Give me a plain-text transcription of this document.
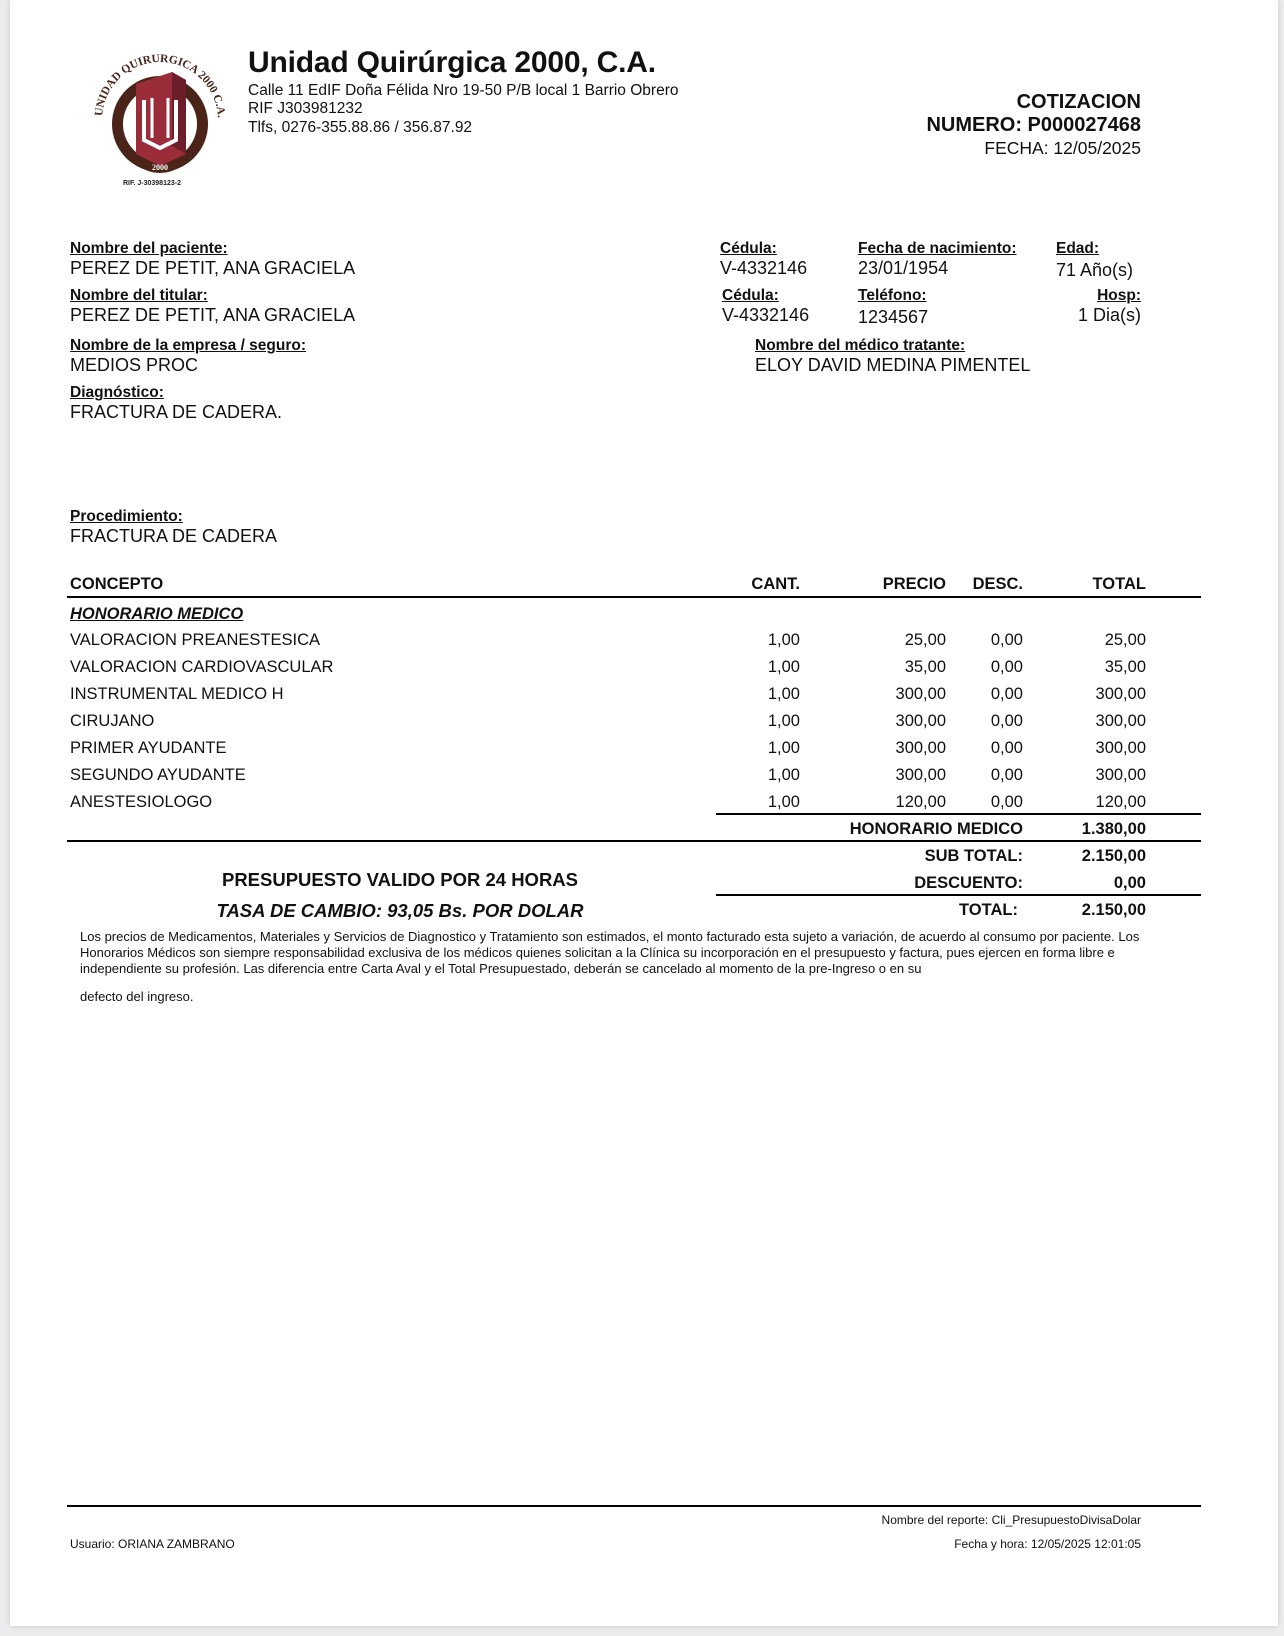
UNIDAD QUIRURGICA 2000 C.A.
2000
RIF. J-30398123-2
Unidad Quirúrgica 2000, C.A.
Calle 11 EdIF Doña Félida Nro 19-50 P/B local 1 Barrio Obrero
RIF J303981232
Tlfs, 0276-355.88.86 / 356.87.92
COTIZACION
NUMERO: P000027468
FECHA: 12/05/2025
Nombre del paciente:
PEREZ DE PETIT, ANA GRACIELA
Cédula:
V-4332146
Fecha de nacimiento:
23/01/1954
Edad:
71 Año(s)
Nombre del titular:
PEREZ DE PETIT, ANA GRACIELA
Cédula:
V-4332146
Teléfono:
1234567
Hosp:
1 Dia(s)
Nombre de la empresa / seguro:
MEDIOS PROC
Nombre del médico tratante:
ELOY DAVID MEDINA PIMENTEL
Diagnóstico:
FRACTURA DE CADERA.
Procedimiento:
FRACTURA DE CADERA
CONCEPTO	CANT.	PRECIO DESC.	TOTAL
HONORARIO MEDICO
VALORACION PREANESTESICA	1,00	25,00	0,00	25,00
VALORACION CARDIOVASCULAR	1,00	35,00	0,00	35,00
INSTRUMENTAL MEDICO H	1,00	300,00	0,00	300,00
CIRUJANO	1,00	300,00	0,00	300,00
PRIMER AYUDANTE	1,00	300,00	0,00	300,00
SEGUNDO AYUDANTE	1,00	300,00	0,00	300,00
ANESTESIOLOGO	1,00	120,00	0,00	120,00
HONORARIO MEDICO	1.380,00
SUB TOTAL:	2.150,00
DESCUENTO:	0,00
TOTAL:	2.150,00
PRESUPUESTO VALIDO POR 24 HORAS
TASA DE CAMBIO: 93,05 Bs. POR DOLAR
Los precios de Medicamentos, Materiales y Servicios de Diagnostico y Tratamiento son estimados, el monto facturado esta sujeto a variación, de acuerdo al consumo por paciente. Los Honorarios Médicos son siempre responsabilidad exclusiva de los médicos quienes solicitan a la Clínica su incorporación en el presupuesto y factura, pues ejercen en forma libre e independiente su profesión. Las diferencia entre Carta Aval y el Total Presupuestado, deberán se cancelado al momento de la pre-Ingreso o en su
defecto del ingreso.
Nombre del reporte: Cli_PresupuestoDivisaDolar
Usuario: ORIANA ZAMBRANO	Fecha y hora: 12/05/2025 12:01:05
